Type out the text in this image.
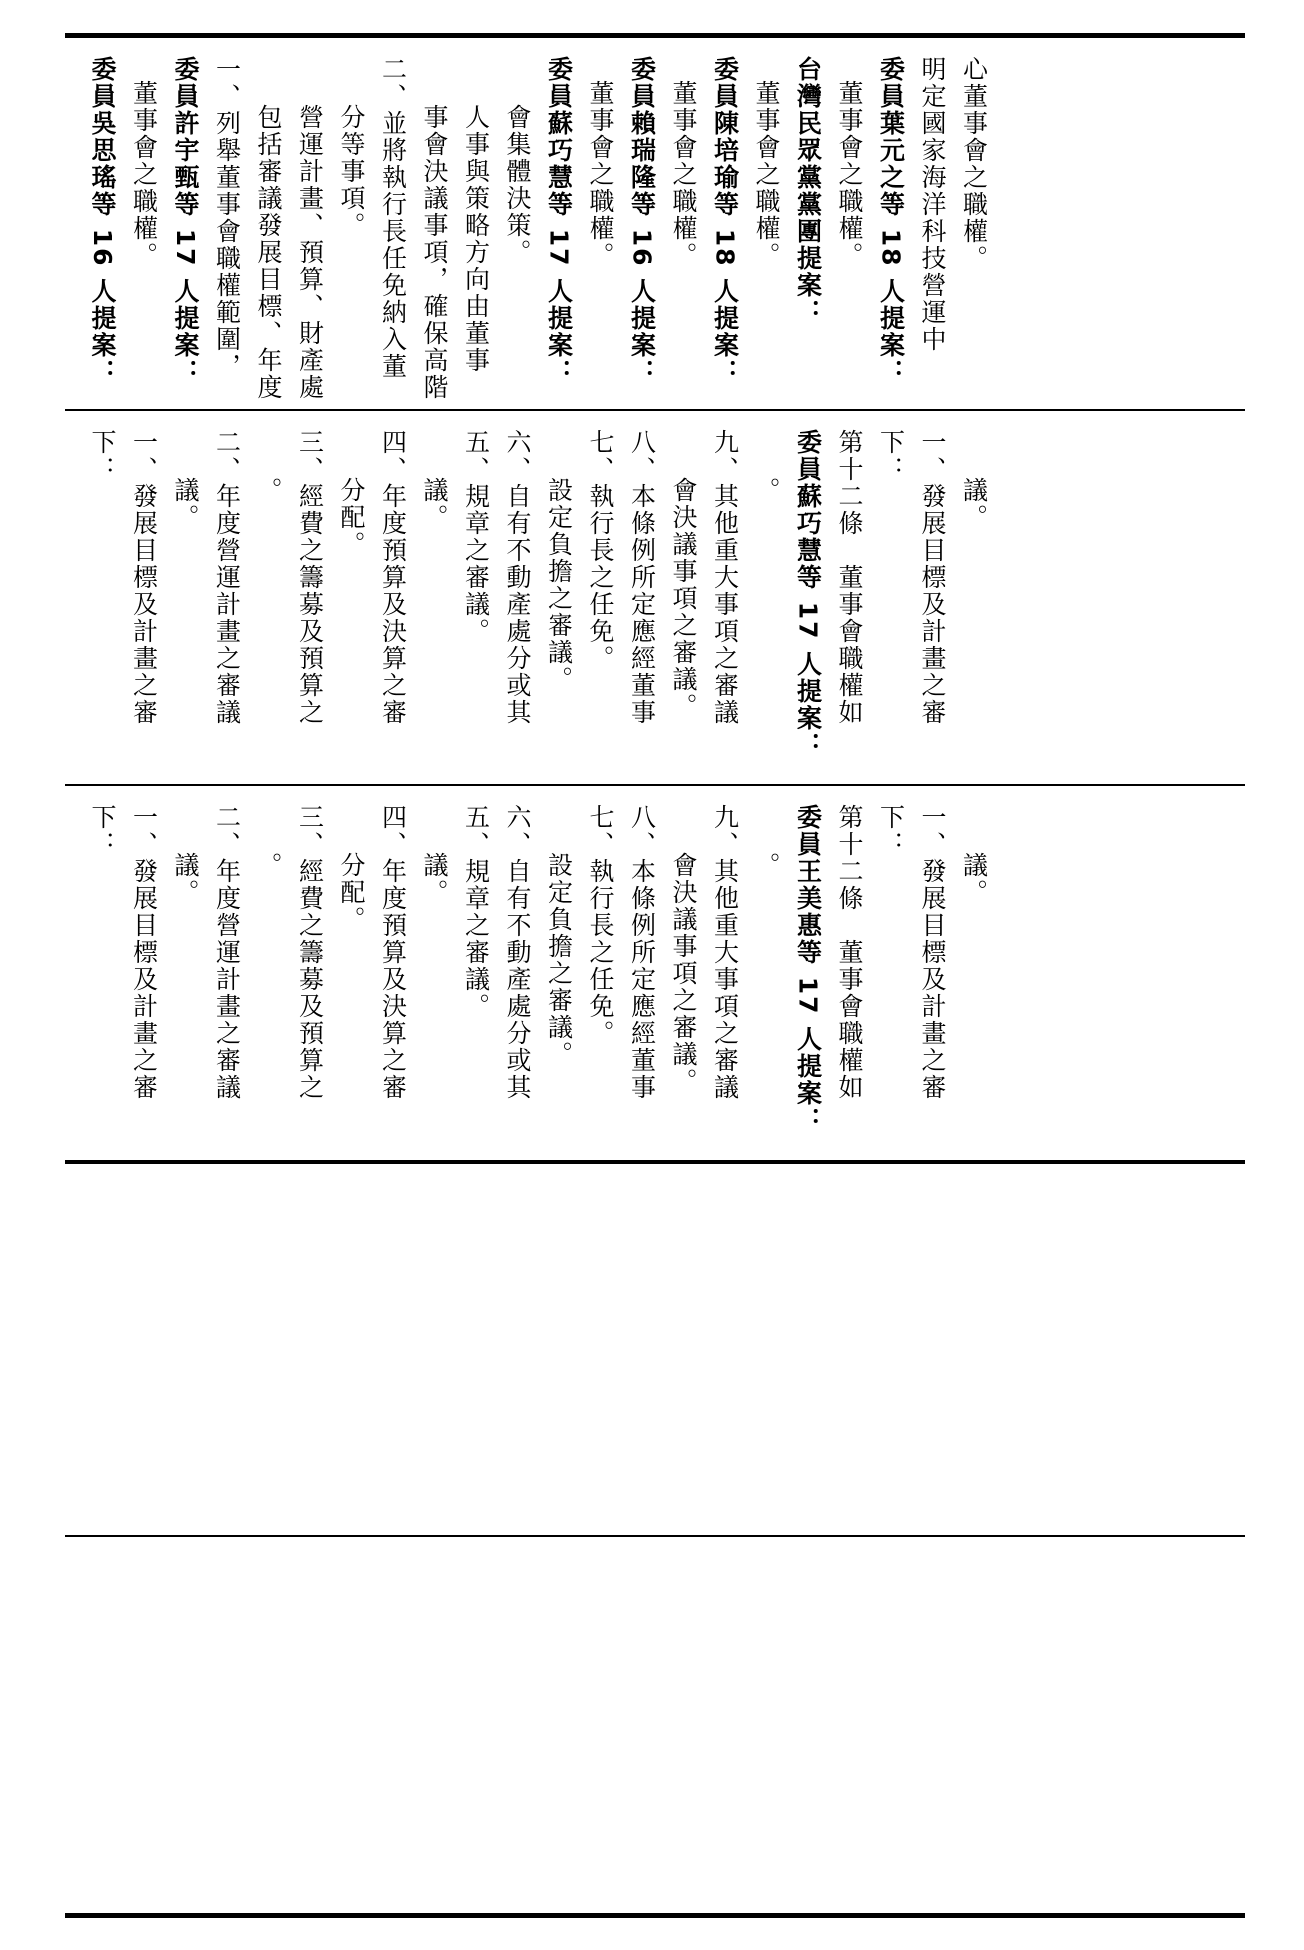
委員吳思瑤等 16 人提案： 董事會之職權。 委員許宇甄等 17 人提案： 一、列舉董事會職權範圍， 包括審議發展目標、年度 營運計畫、預算、財產處 分等事項。 二、並將執行長任免納入董 事會決議事項，確保高階 人事與策略方向由董事 會集體決策。 委員蘇巧慧等 17 人提案： 董事會之職權。 委員賴瑞隆等 16 人提案： 董事會之職權。 委員陳培瑜等 18 人提案： 董事會之職權。 台灣民眾黨黨團提案： 董事會之職權。 委員葉元之等 18 人提案： 明定國家海洋科技營運中 心董事會之職權。
下： 一、發展目標及計畫之審 議。 二、年度營運計畫之審議 。 三、經費之籌募及預算之 分配。 四、年度預算及決算之審 議。 五、規章之審議。 六、自有不動產處分或其 設定負擔之審議。 七、執行長之任免。 八、本條例所定應經董事 會決議事項之審議。 九、其他重大事項之審議 。 委員蘇巧慧等 17 人提案： 第十二條　董事會職權如 下： 一、發展目標及計畫之審 議。
下： 一、發展目標及計畫之審 議。 二、年度營運計畫之審議 。 三、經費之籌募及預算之 分配。 四、年度預算及決算之審 議。 五、規章之審議。 六、自有不動產處分或其 設定負擔之審議。 七、執行長之任免。 八、本條例所定應經董事 會決議事項之審議。 九、其他重大事項之審議 。 委員王美惠等 17 人提案： 第十二條　董事會職權如 下： 一、發展目標及計畫之審 議。
